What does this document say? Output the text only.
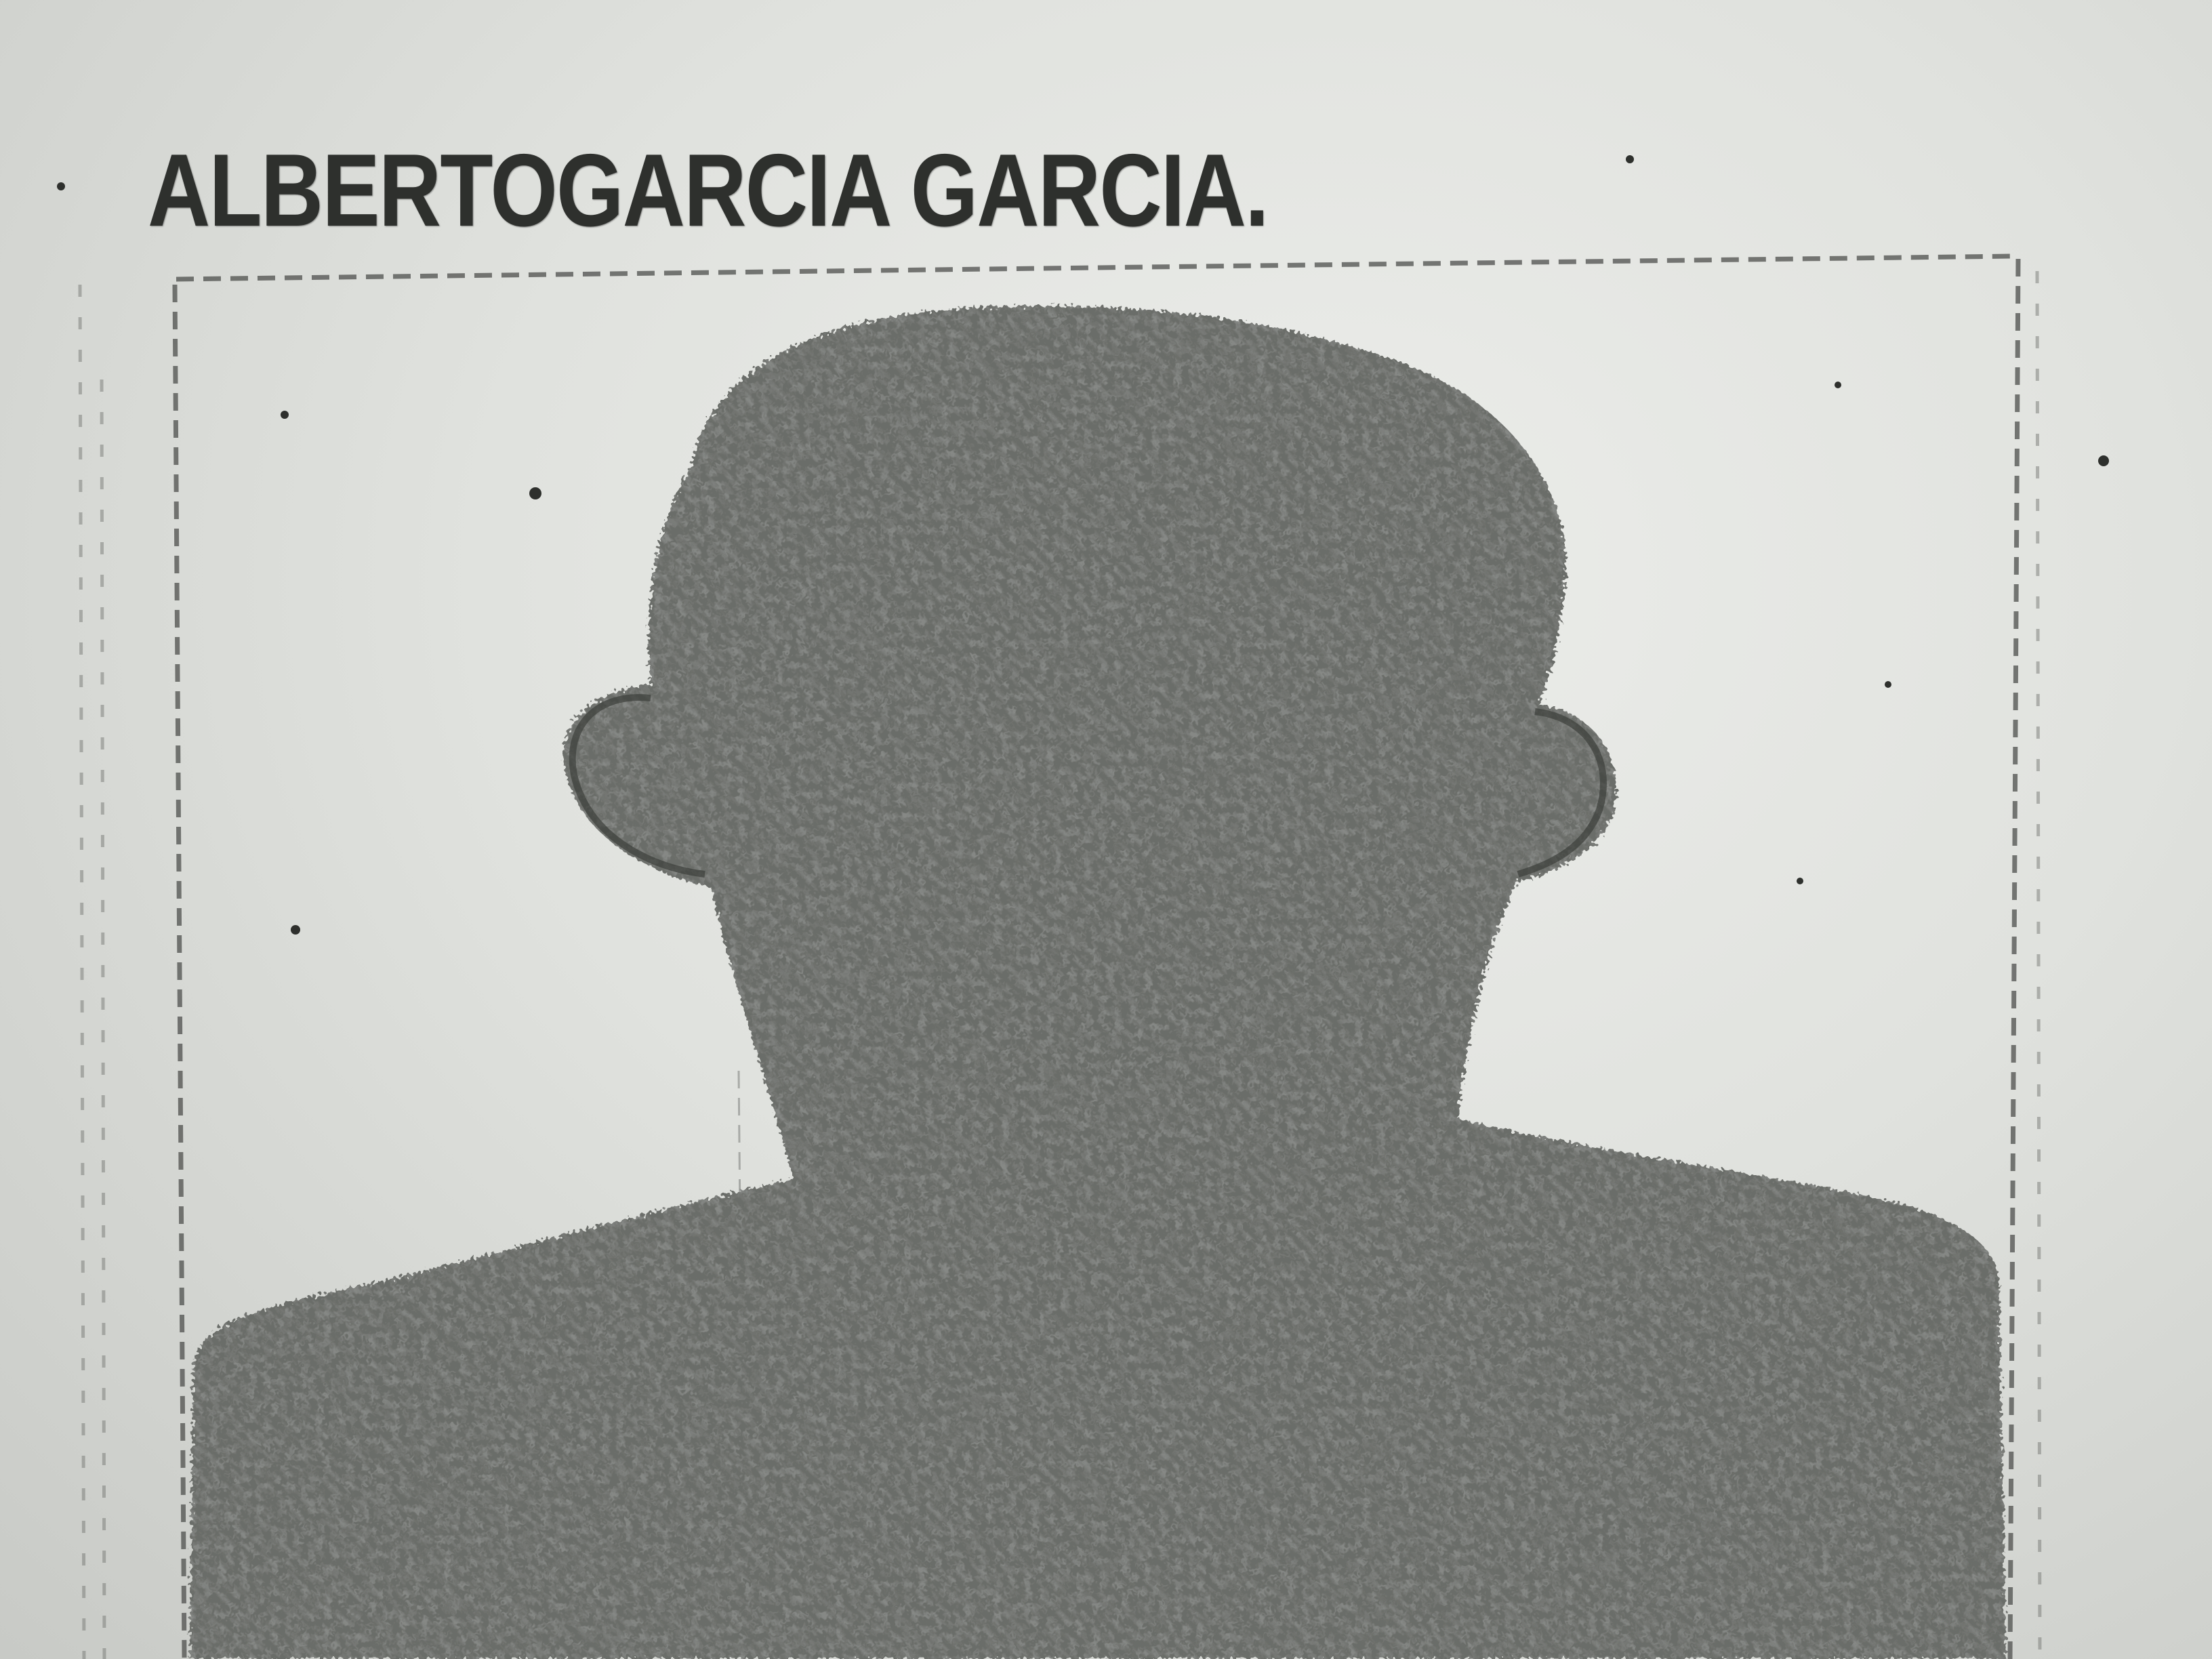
ALBERTOGARCIA GARCIA.
